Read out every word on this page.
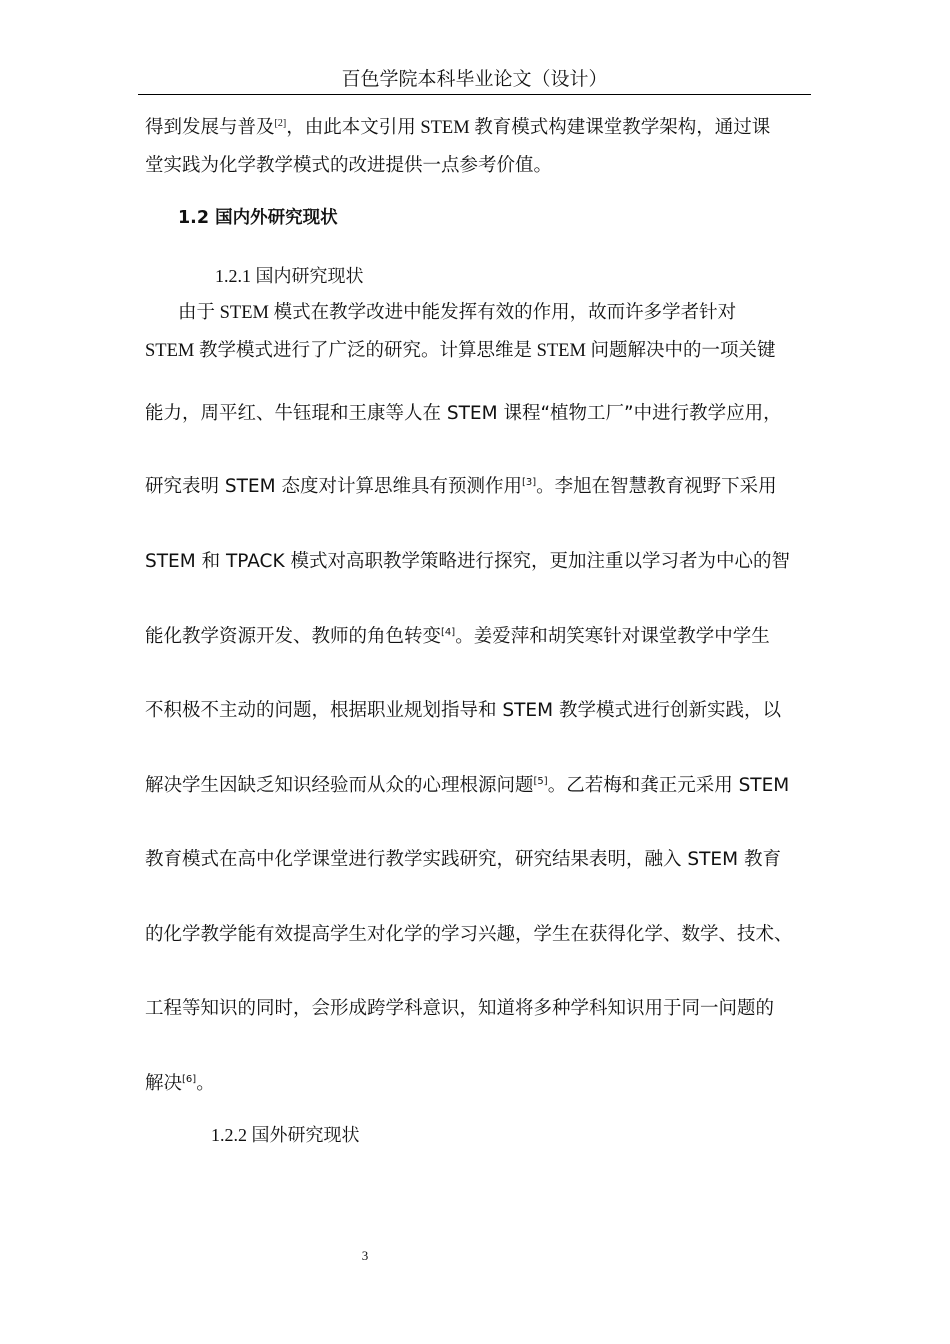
百色学院本科毕业论文（设计）
得到发展与普及[2]，由此本文引用 STEM 教育模式构建课堂教学架构，通过课
堂实践为化学教学模式的改进提供一点参考价值。
1.2 国内外研究现状
1.2.1 国内研究现状
由于 STEM 模式在教学改进中能发挥有效的作用，故而许多学者针对
STEM 教学模式进行了广泛的研究。计算思维是 STEM 问题解决中的一项关键
能力，周平红、牛钰琨和王康等人在 STEM 课程“植物工厂”中进行教学应用，
研究表明 STEM 态度对计算思维具有预测作用[3]。李旭在智慧教育视野下采用
STEM 和 TPACK 模式对高职教学策略进行探究，更加注重以学习者为中心的智
能化教学资源开发、教师的角色转变[4]。姜爱萍和胡笑寒针对课堂教学中学生
不积极不主动的问题，根据职业规划指导和 STEM 教学模式进行创新实践，以
解决学生因缺乏知识经验而从众的心理根源问题[5]。乙若梅和龚正元采用 STEM
教育模式在高中化学课堂进行教学实践研究，研究结果表明，融入 STEM 教育
的化学教学能有效提高学生对化学的学习兴趣，学生在获得化学、数学、技术、
工程等知识的同时，会形成跨学科意识，知道将多种学科知识用于同一问题的
解决[6]。
1.2.2 国外研究现状
3
